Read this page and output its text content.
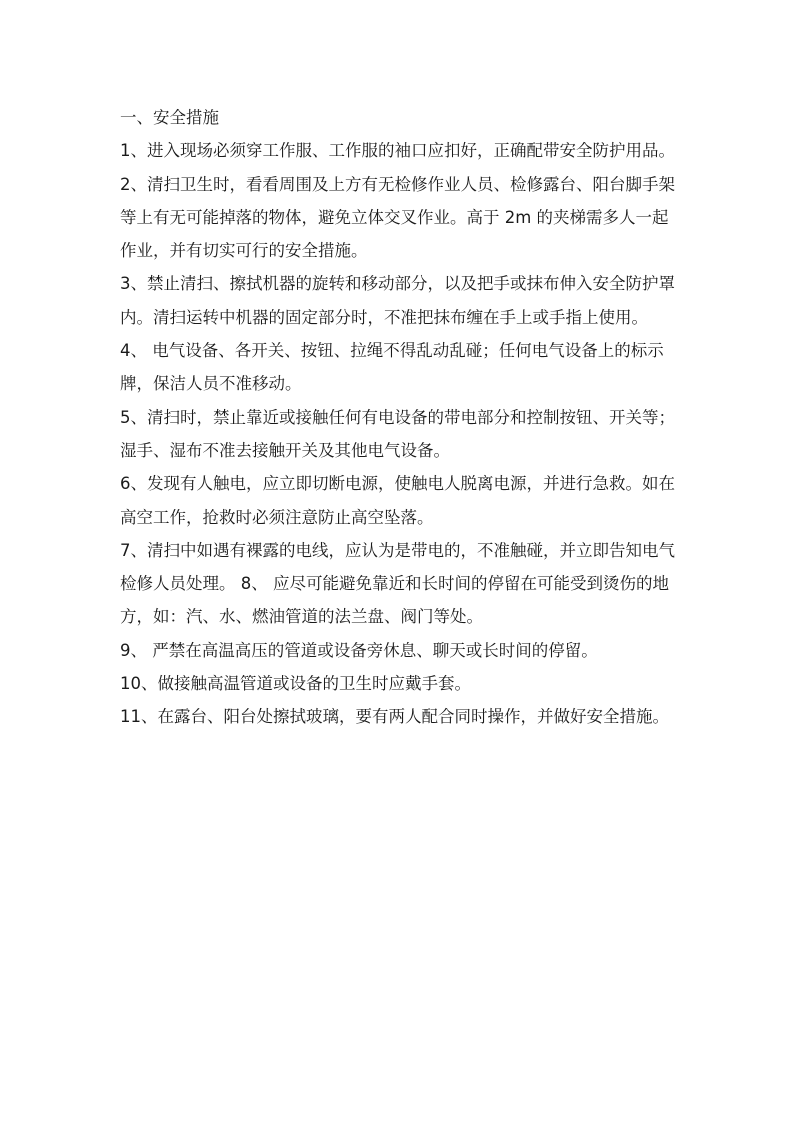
一、安全措施

1、进入现场必须穿工作服、工作服的袖口应扣好，正确配带安全防护用品。

2、清扫卫生时，看看周围及上方有无检修作业人员、检修露台、阳台脚手架等上有无可能掉落的物体，避免立体交叉作业。高于 2m 的夹梯需多人一起作业，并有切实可行的安全措施。

3、禁止清扫、擦拭机器的旋转和移动部分，以及把手或抹布伸入安全防护罩内。清扫运转中机器的固定部分时，不准把抹布缠在手上或手指上使用。

4、 电气设备、各开关、按钮、拉绳不得乱动乱碰；任何电气设备上的标示牌，保洁人员不准移动。

5、清扫时，禁止靠近或接触任何有电设备的带电部分和控制按钮、开关等；湿手、湿布不准去接触开关及其他电气设备。

6、发现有人触电，应立即切断电源，使触电人脱离电源，并进行急救。如在高空工作，抢救时必须注意防止高空坠落。

7、清扫中如遇有裸露的电线，应认为是带电的，不准触碰，并立即告知电气检修人员处理。 8、 应尽可能避免靠近和长时间的停留在可能受到烫伤的地方，如：汽、水、燃油管道的法兰盘、阀门等处。

9、 严禁在高温高压的管道或设备旁休息、聊天或长时间的停留。

10、做接触高温管道或设备的卫生时应戴手套。

11、在露台、阳台处擦拭玻璃，要有两人配合同时操作，并做好安全措施。
